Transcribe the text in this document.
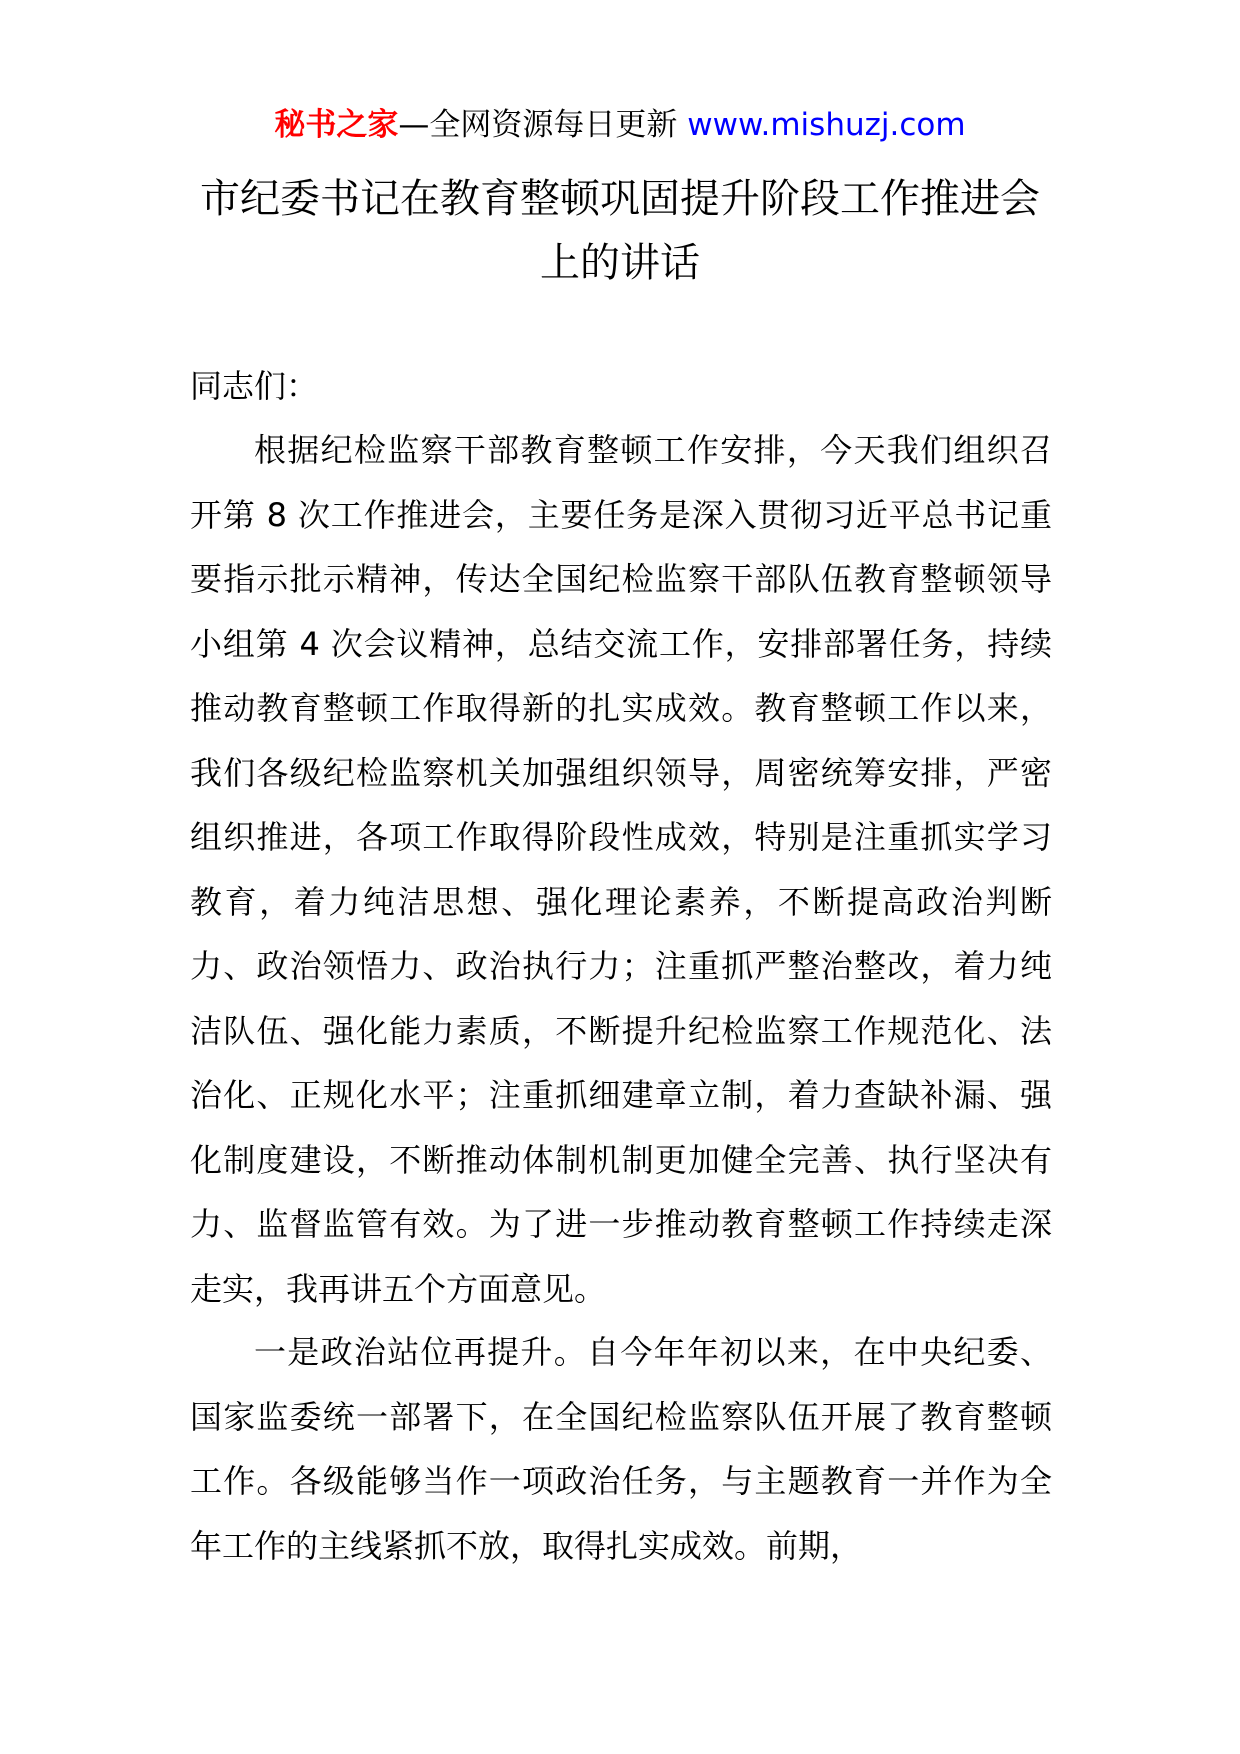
秘书之家—全网资源每日更新 www.mishuzj.com
市纪委书记在教育整顿巩固提升阶段工作推进会上的讲话
同志们：
根据纪检监察干部教育整顿工作安排，今天我们组织召开第 8 次工作推进会，主要任务是深入贯彻习近平总书记重要指示批示精神，传达全国纪检监察干部队伍教育整顿领导小组第 4 次会议精神，总结交流工作，安排部署任务，持续推动教育整顿工作取得新的扎实成效。教育整顿工作以来，我们各级纪检监察机关加强组织领导，周密统筹安排，严密组织推进，各项工作取得阶段性成效，特别是注重抓实学习教育，着力纯洁思想、强化理论素养，不断提高政治判断力、政治领悟力、政治执行力；注重抓严整治整改，着力纯洁队伍、强化能力素质，不断提升纪检监察工作规范化、法治化、正规化水平；注重抓细建章立制，着力查缺补漏、强化制度建设，不断推动体制机制更加健全完善、执行坚决有力、监督监管有效。为了进一步推动教育整顿工作持续走深走实，我再讲五个方面意见。
一是政治站位再提升。自今年年初以来，在中央纪委、国家监委统一部署下，在全国纪检监察队伍开展了教育整顿工作。各级能够当作一项政治任务，与主题教育一并作为全年工作的主线紧抓不放，取得扎实成效。前期，
